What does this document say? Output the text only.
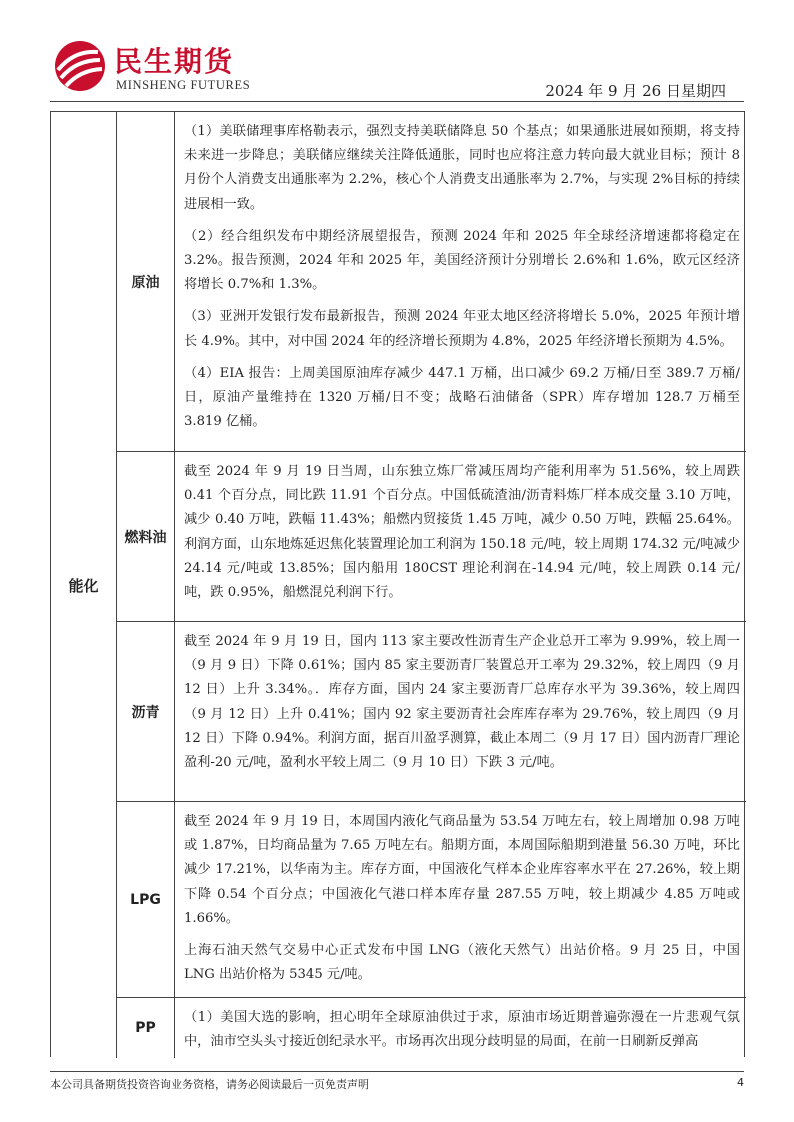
民生期货
MINSHENG FUTURES	2024 年 9 月 26 日星期四
能化
原油

（1）美联储理事库格勒表示，强烈支持美联储降息 50 个基点；如果通胀进展如预期，将支持未来进一步降息；美联储应继续关注降低通胀，同时也应将注意力转向最大就业目标；预计 8 月份个人消费支出通胀率为 2.2%，核心个人消费支出通胀率为 2.7%，与实现 2%目标的持续进展相一致。

（2）经合组织发布中期经济展望报告，预测 2024 年和 2025 年全球经济增速都将稳定在 3.2%。报告预测，2024 年和 2025 年，美国经济预计分别增长 2.6%和 1.6%，欧元区经济将增长 0.7%和 1.3%。

（3）亚洲开发银行发布最新报告，预测 2024 年亚太地区经济将增长 5.0%，2025 年预计增长 4.9%。其中，对中国 2024 年的经济增长预期为 4.8%，2025 年经济增长预期为 4.5%。

（4）EIA 报告：上周美国原油库存减少 447.1 万桶，出口减少 69.2 万桶/日至 389.7 万桶/日，原油产量维持在 1320 万桶/日不变；战略石油储备（SPR）库存增加 128.7 万桶至 3.819 亿桶。

燃料油

截至 2024 年 9 月 19 日当周，山东独立炼厂常减压周均产能利用率为 51.56%，较上周跌 0.41 个百分点，同比跌 11.91 个百分点。中国低硫渣油/沥青料炼厂样本成交量 3.10 万吨，减少 0.40 万吨，跌幅 11.43%；船燃内贸接货 1.45 万吨，减少 0.50 万吨，跌幅 25.64%。利润方面，山东地炼延迟焦化装置理论加工利润为 150.18 元/吨，较上周期 174.32 元/吨减少 24.14 元/吨或 13.85%；国内船用 180CST 理论利润在-14.94 元/吨，较上周跌 0.14 元/吨，跌 0.95%，船燃混兑利润下行。

沥青

截至 2024 年 9 月 19 日，国内 113 家主要改性沥青生产企业总开工率为 9.99%，较上周一（9 月 9 日）下降 0.61%；国内 85 家主要沥青厂装置总开工率为 29.32%，较上周四（9 月 12 日）上升 3.34%。．库存方面，国内 24 家主要沥青厂总库存水平为 39.36%，较上周四（9 月 12 日）上升 0.41%；国内 92 家主要沥青社会库库存率为 29.76%，较上周四（9 月 12 日）下降 0.94%。利润方面，据百川盈孚测算，截止本周二（9 月 17 日）国内沥青厂理论盈利-20 元/吨，盈利水平较上周二（9 月 10 日）下跌 3 元/吨。

LPG

截至 2024 年 9 月 19 日，本周国内液化气商品量为 53.54 万吨左右，较上周增加 0.98 万吨或 1.87%，日均商品量为 7.65 万吨左右。船期方面，本周国际船期到港量 56.30 万吨，环比减少 17.21%，以华南为主。库存方面，中国液化气样本企业库容率水平在 27.26%，较上期下降 0.54 个百分点；中国液化气港口样本库存量 287.55 万吨，较上期减少 4.85 万吨或 1.66%。

上海石油天然气交易中心正式发布中国 LNG（液化天然气）出站价格。9 月 25 日，中国 LNG 出站价格为 5345 元/吨。

PP

（1）美国大选的影响，担心明年全球原油供过于求，原油市场近期普遍弥漫在一片悲观气氛中，油市空头头寸接近创纪录水平。市场再次出现分歧明显的局面，在前一日刷新反弹高

本公司具备期货投资咨询业务资格，请务必阅读最后一页免责声明	4
